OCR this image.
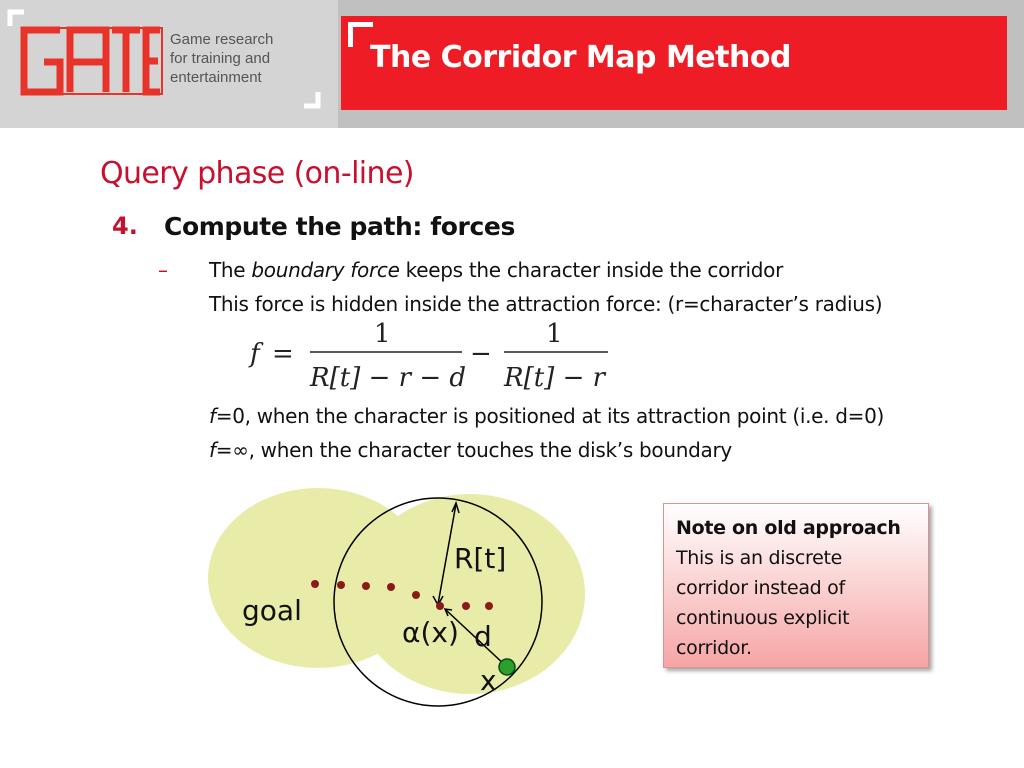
Game research
for training and
entertainment
The Corridor Map Method
Query phase (on-line)
4. Compute the path: forces
– The boundary force keeps the character inside the corridor
This force is hidden inside the attraction force: (r=character’s radius)
f =
1
R[t] − r − d
−
1
R[t] − r
f=0, when the character is positioned at its attraction point (i.e. d=0)
f=∞, when the character touches the disk’s boundary
goal
R[t]
α(x) d
x
Note on old approach
This is an discrete corridor instead of continuous explicit corridor.
